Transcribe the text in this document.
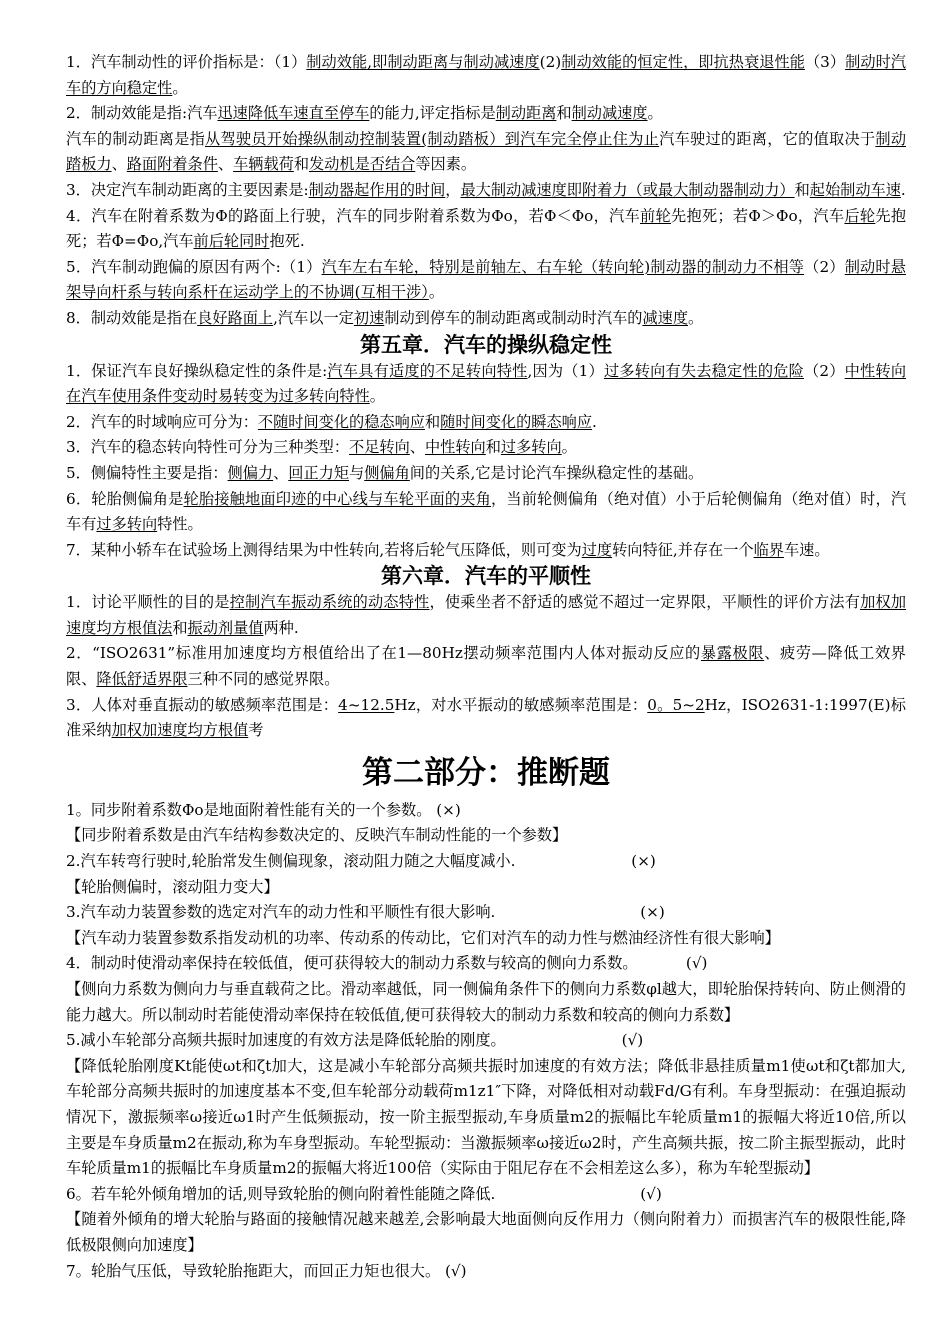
1．汽车制动性的评价指标是：（1）制动效能,即制动距离与制动减速度(2)制动效能的恒定性，即抗热衰退性能（3）制动时汽车的方向稳定性。

2．制动效能是指:汽车迅速降低车速直至停车的能力,评定指标是制动距离和制动减速度。

汽车的制动距离是指从驾驶员开始操纵制动控制装置(制动踏板）到汽车完全停止住为止汽车驶过的距离，它的值取决于制动踏板力、路面附着条件、车辆载荷和发动机是否结合等因素。

3．决定汽车制动距离的主要因素是:制动器起作用的时间，最大制动减速度即附着力（或最大制动器制动力）和起始制动车速.

4．汽车在附着系数为Φ的路面上行驶，汽车的同步附着系数为Φo，若Φ＜Φo，汽车前轮先抱死；若Φ＞Φo，汽车后轮先抱死；若Φ=Φo,汽车前后轮同时抱死.

5．汽车制动跑偏的原因有两个:（1）汽车左右车轮，特别是前轴左、右车轮（转向轮)制动器的制动力不相等（2）制动时悬架导向杆系与转向系杆在运动学上的不协调(互相干涉）。

8．制动效能是指在良好路面上,汽车以一定初速制动到停车的制动距离或制动时汽车的减速度。

第五章．汽车的操纵稳定性

1．保证汽车良好操纵稳定性的条件是:汽车具有适度的不足转向特性,因为（1）过多转向有失去稳定性的危险（2）中性转向在汽车使用条件变动时易转变为过多转向特性。

2．汽车的时域响应可分为：不随时间变化的稳态响应和随时间变化的瞬态响应.

3．汽车的稳态转向特性可分为三种类型：不足转向、中性转向和过多转向。

5．侧偏特性主要是指：侧偏力、回正力矩与侧偏角间的关系,它是讨论汽车操纵稳定性的基础。

6．轮胎侧偏角是轮胎接触地面印迹的中心线与车轮平面的夹角，当前轮侧偏角（绝对值）小于后轮侧偏角（绝对值）时，汽车有过多转向特性。

7．某种小轿车在试验场上测得结果为中性转向,若将后轮气压降低，则可变为过度转向特征,并存在一个临界车速。

第六章．汽车的平顺性

1．讨论平顺性的目的是控制汽车振动系统的动态特性，使乘坐者不舒适的感觉不超过一定界限，平顺性的评价方法有加权加速度均方根值法和振动剂量值两种.

2．“ISO2631”标准用加速度均方根值给出了在1—80Hz摆动频率范围内人体对振动反应的暴露极限、疲劳—降低工效界限、降低舒适界限三种不同的感觉界限。

3．人体对垂直振动的敏感频率范围是：4~12.5Hz，对水平振动的敏感频率范围是：0。5~2Hz，ISO2631-1:1997(E)标准采纳加权加速度均方根值考

第二部分：推断题

1。同步附着系数Φo是地面附着性能有关的一个参数。 (×)

【同步附着系数是由汽车结构参数决定的、反映汽车制动性能的一个参数】

2.汽车转弯行驶时,轮胎常发生侧偏现象，滚动阻力随之大幅度减小.	(×)

【轮胎侧偏时，滚动阻力变大】

3.汽车动力装置参数的选定对汽车的动力性和平顺性有很大影响.	(×)

【汽车动力装置参数系指发动机的功率、传动系的传动比，它们对汽车的动力性与燃油经济性有很大影响】

4．制动时使滑动率保持在较低值，便可获得较大的制动力系数与较高的侧向力系数。	(√)

【侧向力系数为侧向力与垂直载荷之比。滑动率越低，同一侧偏角条件下的侧向力系数φl越大，即轮胎保持转向、防止侧滑的能力越大。所以制动时若能使滑动率保持在较低值,便可获得较大的制动力系数和较高的侧向力系数】

5.减小车轮部分高频共振时加速度的有效方法是降低轮胎的刚度。	(√)

【降低轮胎刚度Kt能使ωt和ζt加大，这是减小车轮部分高频共振时加速度的有效方法；降低非悬挂质量m1使ωt和ζt都加大,车轮部分高频共振时的加速度基本不变,但车轮部分动载荷m1z1″下降，对降低相对动载Fd/G有利。车身型振动：在强迫振动情况下，激振频率ω接近ω1时产生低频振动，按一阶主振型振动,车身质量m2的振幅比车轮质量m1的振幅大将近10倍,所以主要是车身质量m2在振动,称为车身型振动。车轮型振动：当激振频率ω接近ω2时，产生高频共振，按二阶主振型振动，此时车轮质量m1的振幅比车身质量m2的振幅大将近100倍（实际由于阻尼存在不会相差这么多），称为车轮型振动】

6。若车轮外倾角增加的话,则导致轮胎的侧向附着性能随之降低.	(√)

【随着外倾角的增大轮胎与路面的接触情况越来越差,会影响最大地面侧向反作用力（侧向附着力）而损害汽车的极限性能,降低极限侧向加速度】

7。轮胎气压低，导致轮胎拖距大，而回正力矩也很大。 (√)
